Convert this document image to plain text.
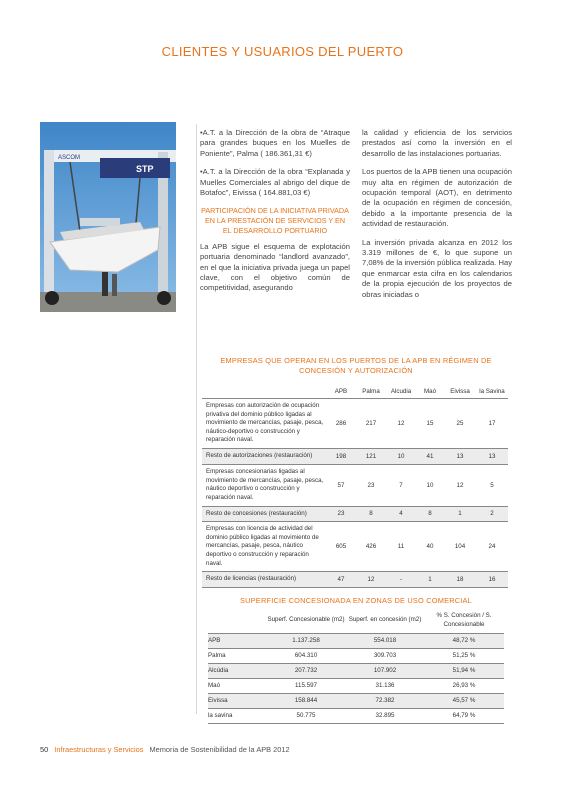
CLIENTES Y USUARIOS DEL PUERTO
STP
ASCOM

•A.T. a la Dirección de la obra de “Atraque para grandes buques en los Muelles de Poniente”, Palma ( 186.361,31 €)

•A.T. a la Dirección de la obra “Explanada y Muelles Comerciales al abrigo del dique de Botafoc”, Eivissa ( 164.881,03 €)

PARTICIPACIÓN DE LA INICIATIVA PRIVADA EN LA PRESTACIÓN DE SERVICIOS Y EN EL DESARROLLO PORTUARIO

La APB sigue el esquema de explotación portuaria denominado “landlord avanzado”, en el que la iniciativa privada juega un papel clave, con el objetivo común de competitividad, asegurando

la calidad y eficiencia de los servicios prestados así como la inversión en el desarrollo de las instalaciones portuarias.

Los puertos de la APB tienen una ocupación muy alta en régimen de autorización de ocupación temporal (AOT), en detrimento de la ocupación en régimen de concesión, debido a la importante presencia de la actividad de restauración.

La inversión privada alcanza en 2012 los 3.319 millones de €, lo que supone un 7,08% de la inversión pública realizada. Hay que enmarcar esta cifra en los calendarios de la propia ejecución de los proyectos de obras iniciadas o

EMPRESAS QUE OPERAN EN LOS PUERTOS DE LA APB EN RÉGIMEN DE CONCESIÓN Y AUTORIZACIÓN
	APB	Palma	Alcudia	Maó	Eivissa	la Savina
Empresas con autorización de ocupación privativa del dominio público ligadas al movimiento de mercancías, pasaje, pesca, náutico-deportivo o construcción y reparación naval.	286	217	12	15	25	17
Resto de autorizaciones (restauración)	198	121	10	41	13	13
Empresas concesionarias ligadas al movimiento de mercancías, pasaje, pesca, náutico deportivo o construcción y reparación naval.	57	23	7	10	12	5
Resto de concesiones (restauración)	23	8	4	8	1	2
Empresas con licencia de actividad del dominio público ligadas al movimiento de mercancías, pasaje, pesca, náutico deportivo o construcción y reparación naval.	605	426	11	40	104	24
Resto de licencias (restauración)	47	12	-	1	18	16
SUPERFICIE CONCESIONADA EN ZONAS DE USO COMERCIAL
	Superf. Concesionable (m2)	Superf. en concesión (m2)	% S. Concesión / S. Concesionable
APB	1.137.258	554.018	48,72 %
Palma	604.310	309.703	51,25 %
Alcúdia	207.732	107.902	51,94 %
Maó	115.597	31.136	26,93 %
Eivissa	158.844	72.382	45,57 %
la savina	50.775	32.895	64,79 %
50 Infraestructuras y Servicios Memoria de Sostenibilidad de la APB 2012
